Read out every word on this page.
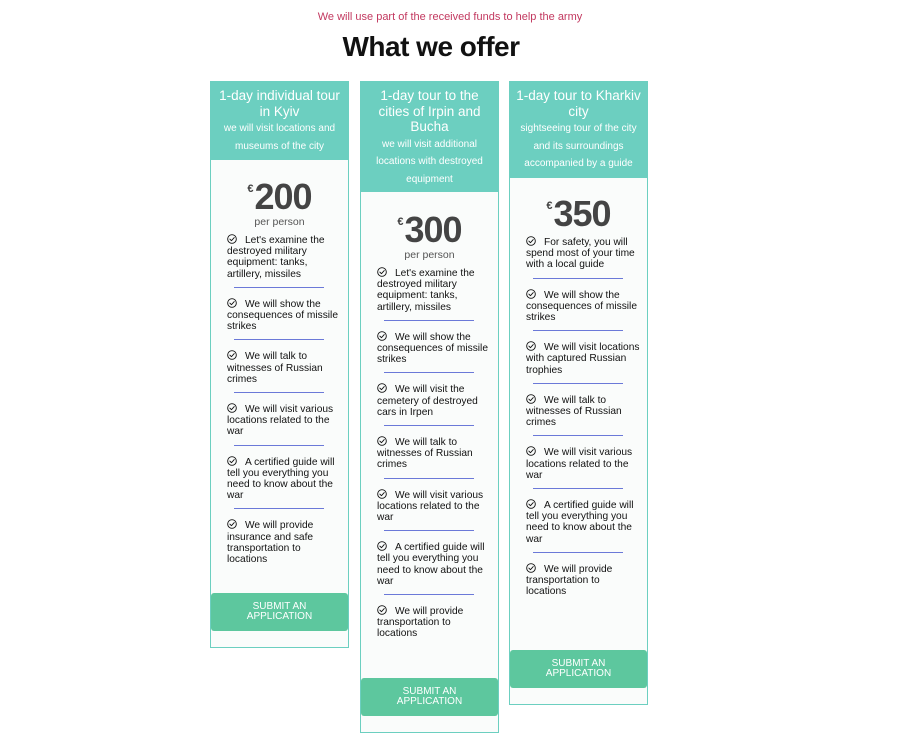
We will use part of the received funds to help the army
What we offer
1-day individual tour in Kyiv
we will visit locations and museums of the city
€ 200
per person
Let's examine the destroyed military equipment: tanks, artillery, missiles
We will show the consequences of missile strikes
We will talk to witnesses of Russian crimes
We will visit various locations related to the war
A certified guide will tell you everything you need to know about the war
We will provide insurance and safe transportation to locations
SUBMIT AN APPLICATION
1-day tour to the cities of Irpin and Bucha
we will visit additional locations with destroyed equipment
€ 300
per person
Let's examine the destroyed military equipment: tanks, artillery, missiles
We will show the consequences of missile strikes
We will visit the cemetery of destroyed cars in Irpen
We will talk to witnesses of Russian crimes
We will visit various locations related to the war
A certified guide will tell you everything you need to know about the war
We will provide transportation to locations
SUBMIT AN APPLICATION
1-day tour to Kharkiv city
sightseeing tour of the city and its surroundings accompanied by a guide
€ 350
For safety, you will spend most of your time with a local guide
We will show the consequences of missile strikes
We will visit locations with captured Russian trophies
We will talk to witnesses of Russian crimes
We will visit various locations related to the war
A certified guide will tell you everything you need to know about the war
We will provide transportation to locations
SUBMIT AN APPLICATION
